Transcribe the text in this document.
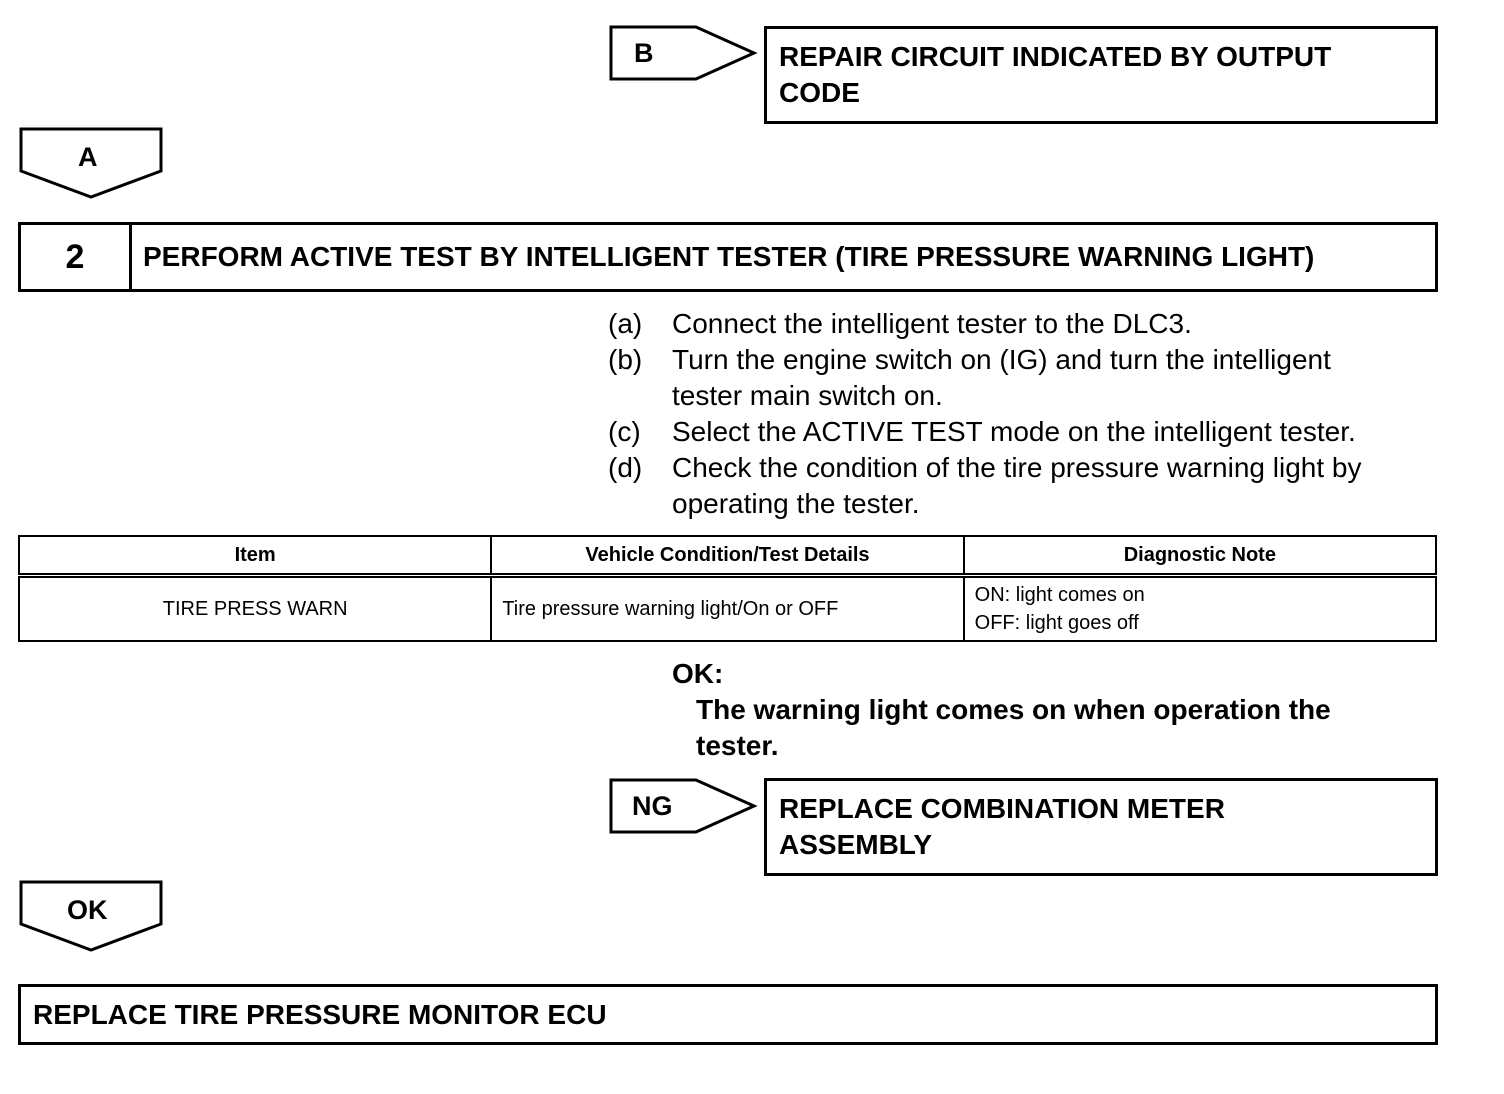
B	REPAIR CIRCUIT INDICATED BY OUTPUT
CODE
A
2	PERFORM ACTIVE TEST BY INTELLIGENT TESTER (TIRE PRESSURE WARNING LIGHT)
(a)	Connect the intelligent tester to the DLC3.
(b)	Turn the engine switch on (IG) and turn the intelligent
tester main switch on.
(c)	Select the ACTIVE TEST mode on the intelligent tester.
(d)	Check the condition of the tire pressure warning light by
operating the tester.
Item	Vehicle Condition/Test Details	Diagnostic Note
TIRE PRESS WARN	Tire pressure warning light/On or OFF	ON: light comes on
OFF: light goes off
OK:
The warning light comes on when operation the
tester.
NG	REPLACE COMBINATION METER
ASSEMBLY
OK
REPLACE TIRE PRESSURE MONITOR ECU
